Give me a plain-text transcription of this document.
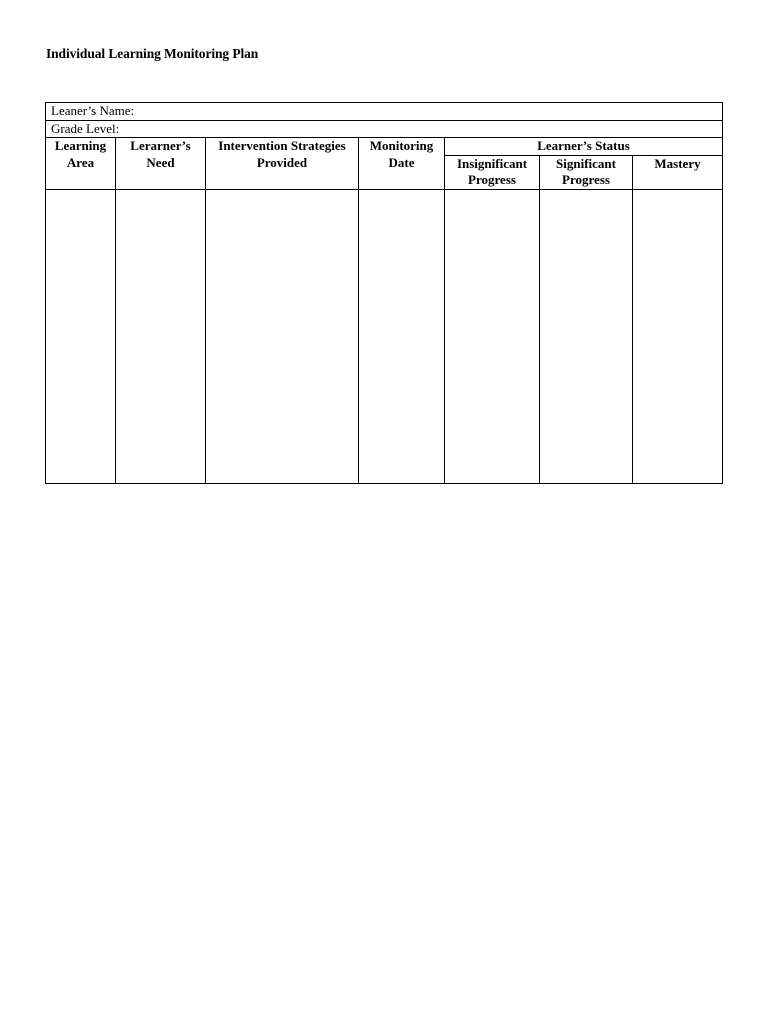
Individual Learning Monitoring Plan
Leaner’s Name:						
Grade Level:						
Learning Area	Lerarner’s Need	Intervention Strategies Provided	Monitoring Date	Learner’s Status		
				Insignificant Progress	Significant Progress	Mastery
